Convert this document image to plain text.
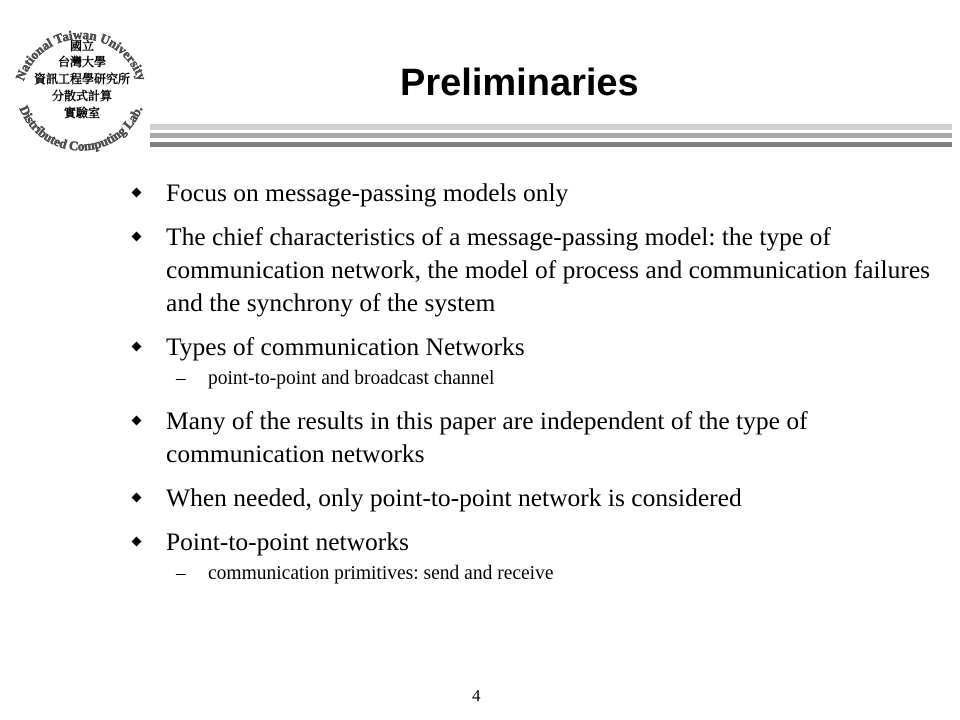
National Taiwan University
Distributed Computing Lab.
國立
台灣大學
資訊工程學研究所
分散式計算
實驗室
Preliminaries
Focus on message-passing models only
The chief characteristics of a message-passing model: the type of communication network, the model of process and communication failures and the synchrony of the system
Types of communication Networks
– point-to-point and broadcast channel
Many of the results in this paper are independent of the type of communication networks
When needed, only point-to-point network is considered
Point-to-point networks
– communication primitives: send and receive
4
